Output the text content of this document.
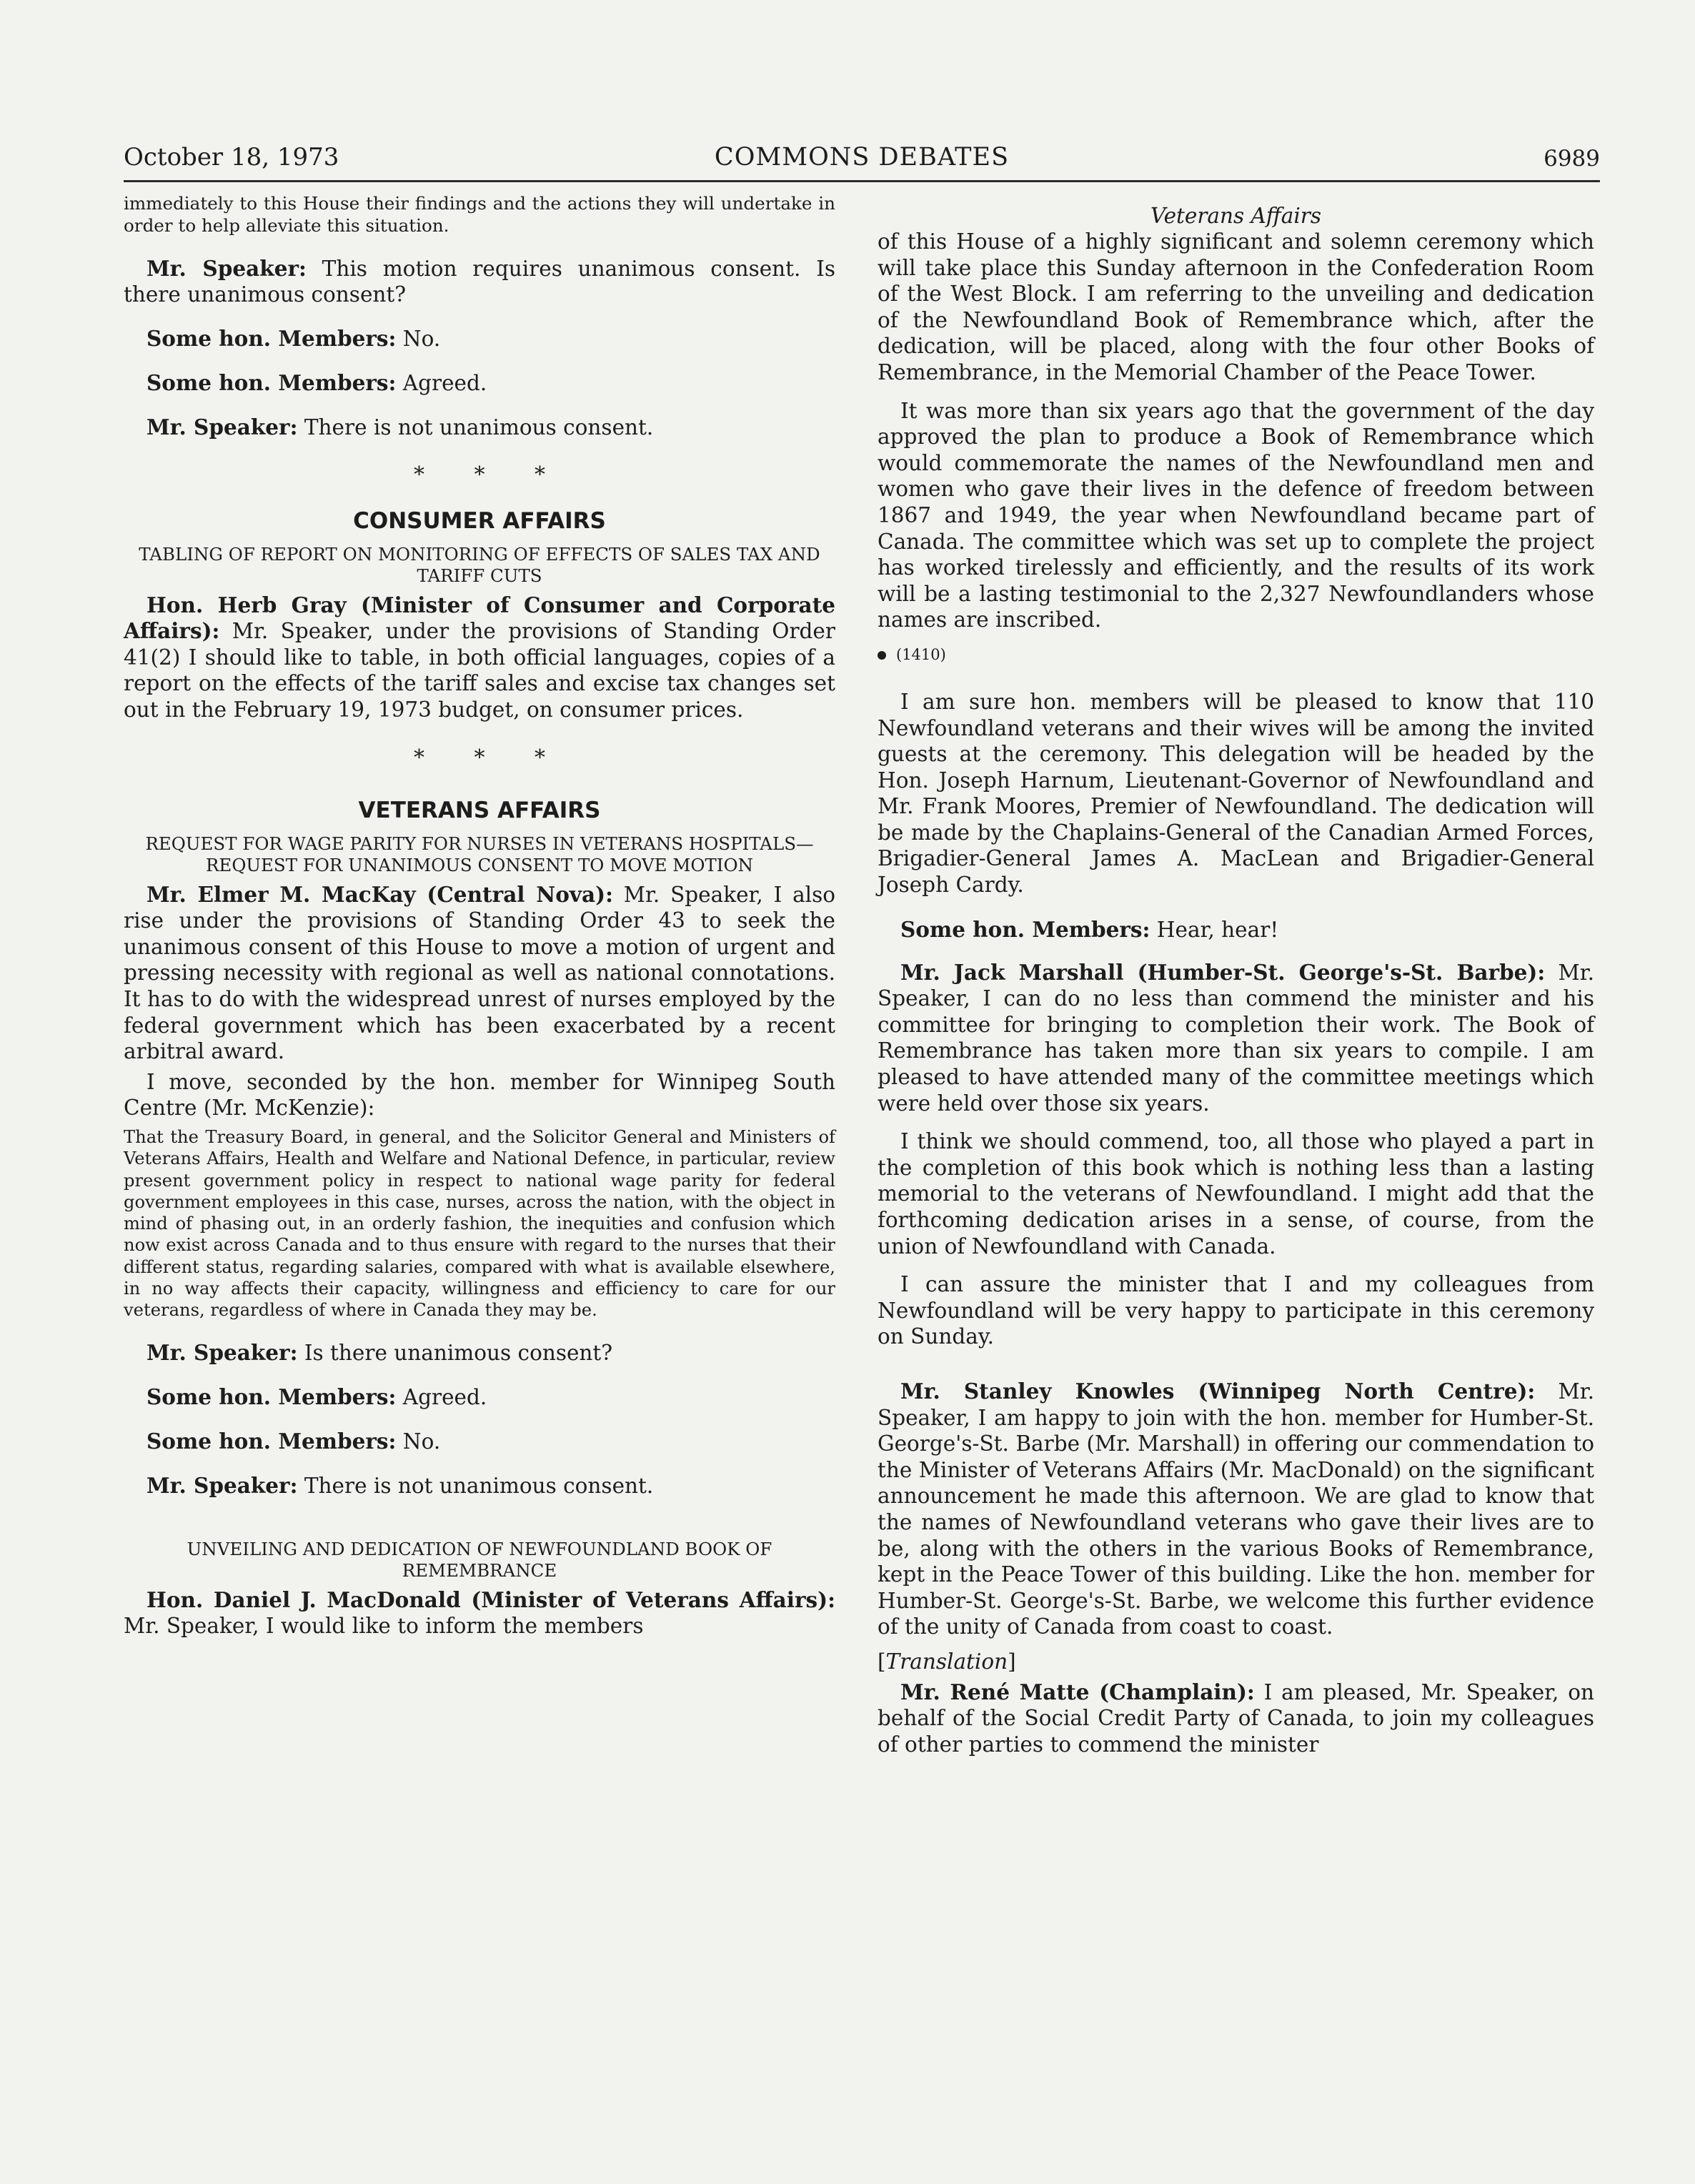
October 18, 1973	COMMONS DEBATES	6989

immediately to this House their findings and the actions they will undertake in order to help alleviate this situation.

Mr. Speaker: This motion requires unanimous consent. Is there unanimous consent?

Some hon. Members: No.

Some hon. Members: Agreed.

Mr. Speaker: There is not unanimous consent.

* * *
CONSUMER AFFAIRS
TABLING OF REPORT ON MONITORING OF EFFECTS OF SALES TAX AND TARIFF CUTS

Hon. Herb Gray (Minister of Consumer and Corporate Affairs): Mr. Speaker, under the provisions of Standing Order 41(2) I should like to table, in both official languages, copies of a report on the effects of the tariff sales and excise tax changes set out in the February 19, 1973 budget, on consumer prices.

* * *
VETERANS AFFAIRS
REQUEST FOR WAGE PARITY FOR NURSES IN VETERANS HOSPITALS—REQUEST FOR UNANIMOUS CONSENT TO MOVE MOTION

Mr. Elmer M. MacKay (Central Nova): Mr. Speaker, I also rise under the provisions of Standing Order 43 to seek the unanimous consent of this House to move a motion of urgent and pressing necessity with regional as well as national connotations. It has to do with the widespread unrest of nurses employed by the federal government which has been exacerbated by a recent arbitral award.

I move, seconded by the hon. member for Winnipeg South Centre (Mr. McKenzie):

That the Treasury Board, in general, and the Solicitor General and Ministers of Veterans Affairs, Health and Welfare and National Defence, in particular, review present government policy in respect to national wage parity for federal government employees in this case, nurses, across the nation, with the object in mind of phasing out, in an orderly fashion, the inequities and confusion which now exist across Canada and to thus ensure with regard to the nurses that their different status, regarding salaries, compared with what is available elsewhere, in no way affects their capacity, willingness and efficiency to care for our veterans, regardless of where in Canada they may be.

Mr. Speaker: Is there unanimous consent?

Some hon. Members: Agreed.

Some hon. Members: No.

Mr. Speaker: There is not unanimous consent.

UNVEILING AND DEDICATION OF NEWFOUNDLAND BOOK OF REMEMBRANCE

Hon. Daniel J. MacDonald (Minister of Veterans Affairs): Mr. Speaker, I would like to inform the members

Veterans Affairs

of this House of a highly significant and solemn ceremony which will take place this Sunday afternoon in the Confederation Room of the West Block. I am referring to the unveiling and dedication of the Newfoundland Book of Remembrance which, after the dedication, will be placed, along with the four other Books of Remembrance, in the Memorial Chamber of the Peace Tower.

It was more than six years ago that the government of the day approved the plan to produce a Book of Remembrance which would commemorate the names of the Newfoundland men and women who gave their lives in the defence of freedom between 1867 and 1949, the year when Newfoundland became part of Canada. The committee which was set up to complete the project has worked tirelessly and efficiently, and the results of its work will be a lasting testimonial to the 2,327 Newfoundlanders whose names are inscribed.

(1410)

I am sure hon. members will be pleased to know that 110 Newfoundland veterans and their wives will be among the invited guests at the ceremony. This delegation will be headed by the Hon. Joseph Harnum, Lieutenant-Governor of Newfoundland and Mr. Frank Moores, Premier of Newfoundland. The dedication will be made by the Chaplains-General of the Canadian Armed Forces, Brigadier-General James A. MacLean and Brigadier-General Joseph Cardy.

Some hon. Members: Hear, hear!

Mr. Jack Marshall (Humber-St. George's-St. Barbe): Mr. Speaker, I can do no less than commend the minister and his committee for bringing to completion their work. The Book of Remembrance has taken more than six years to compile. I am pleased to have attended many of the committee meetings which were held over those six years.

I think we should commend, too, all those who played a part in the completion of this book which is nothing less than a lasting memorial to the veterans of Newfoundland. I might add that the forthcoming dedication arises in a sense, of course, from the union of Newfoundland with Canada.

I can assure the minister that I and my colleagues from Newfoundland will be very happy to participate in this ceremony on Sunday.

Mr. Stanley Knowles (Winnipeg North Centre): Mr. Speaker, I am happy to join with the hon. member for Humber-St. George's-St. Barbe (Mr. Marshall) in offering our commendation to the Minister of Veterans Affairs (Mr. MacDonald) on the significant announcement he made this afternoon. We are glad to know that the names of Newfoundland veterans who gave their lives are to be, along with the others in the various Books of Remembrance, kept in the Peace Tower of this building. Like the hon. member for Humber-St. George's-St. Barbe, we welcome this further evidence of the unity of Canada from coast to coast.

[Translation]

Mr. René Matte (Champlain): I am pleased, Mr. Speaker, on behalf of the Social Credit Party of Canada, to join my colleagues of other parties to commend the minister
